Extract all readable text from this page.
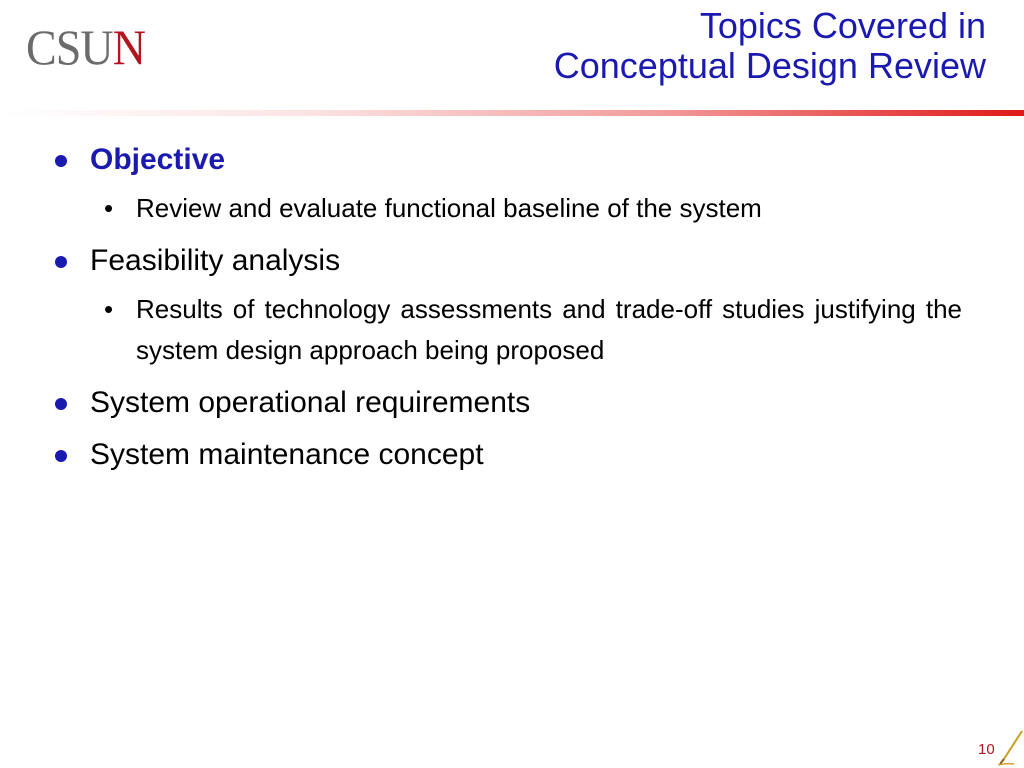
CSUN	Topics Covered in
Conceptual Design Review
Objective
• Review and evaluate functional baseline of the system
Feasibility analysis
• Results of technology assessments and trade-off studies justifying the system design approach being proposed
System operational requirements
System maintenance concept
10
